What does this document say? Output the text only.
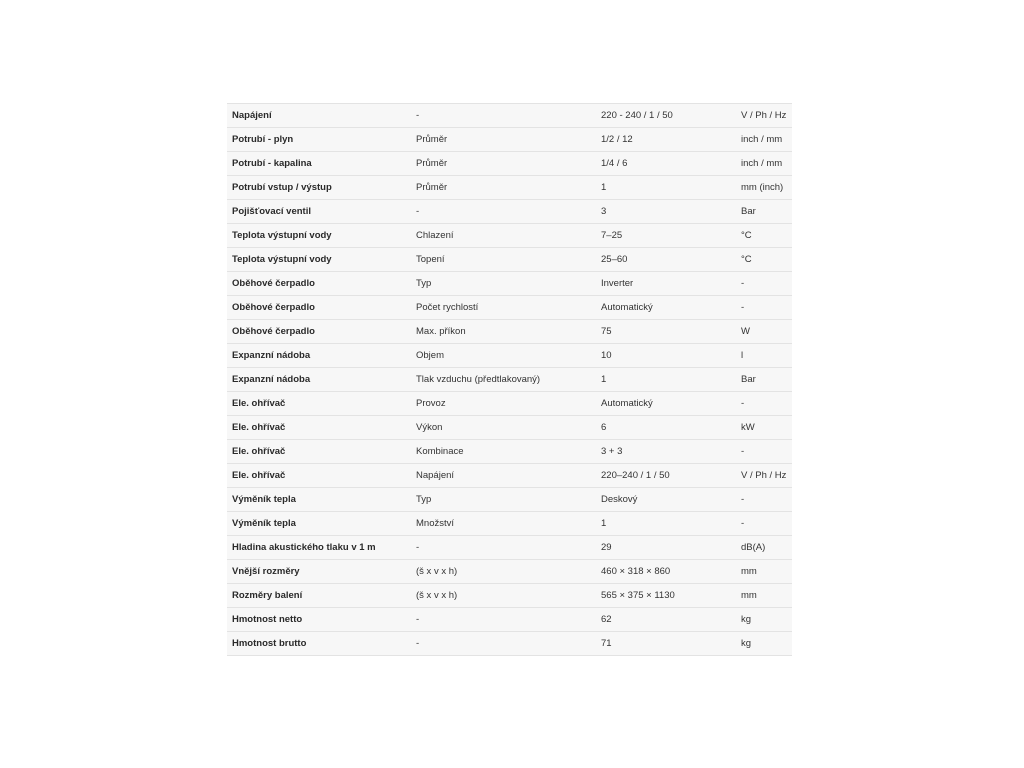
Napájení	-	220 - 240 / 1 / 50	V / Ph / Hz
Potrubí - plyn	Průměr	1/2 / 12	inch / mm
Potrubí - kapalina	Průměr	1/4 / 6	inch / mm
Potrubí vstup / výstup	Průměr	1	mm (inch)
Pojišťovací ventil	-	3	Bar
Teplota výstupní vody	Chlazení	7–25	°C
Teplota výstupní vody	Topení	25–60	°C
Oběhové čerpadlo	Typ	Inverter	-
Oběhové čerpadlo	Počet rychlostí	Automatický	-
Oběhové čerpadlo	Max. příkon	75	W
Expanzní nádoba	Objem	10	l
Expanzní nádoba	Tlak vzduchu (předtlakovaný)	1	Bar
Ele. ohřívač	Provoz	Automatický	-
Ele. ohřívač	Výkon	6	kW
Ele. ohřívač	Kombinace	3 + 3	-
Ele. ohřívač	Napájení	220–240 / 1 / 50	V / Ph / Hz
Výměník tepla	Typ	Deskový	-
Výměník tepla	Množství	1	-
Hladina akustického tlaku v 1 m	-	29	dB(A)
Vnější rozměry	(š x v x h)	460 × 318 × 860	mm
Rozměry balení	(š x v x h)	565 × 375 × 1130	mm
Hmotnost netto	-	62	kg
Hmotnost brutto	-	71	kg
